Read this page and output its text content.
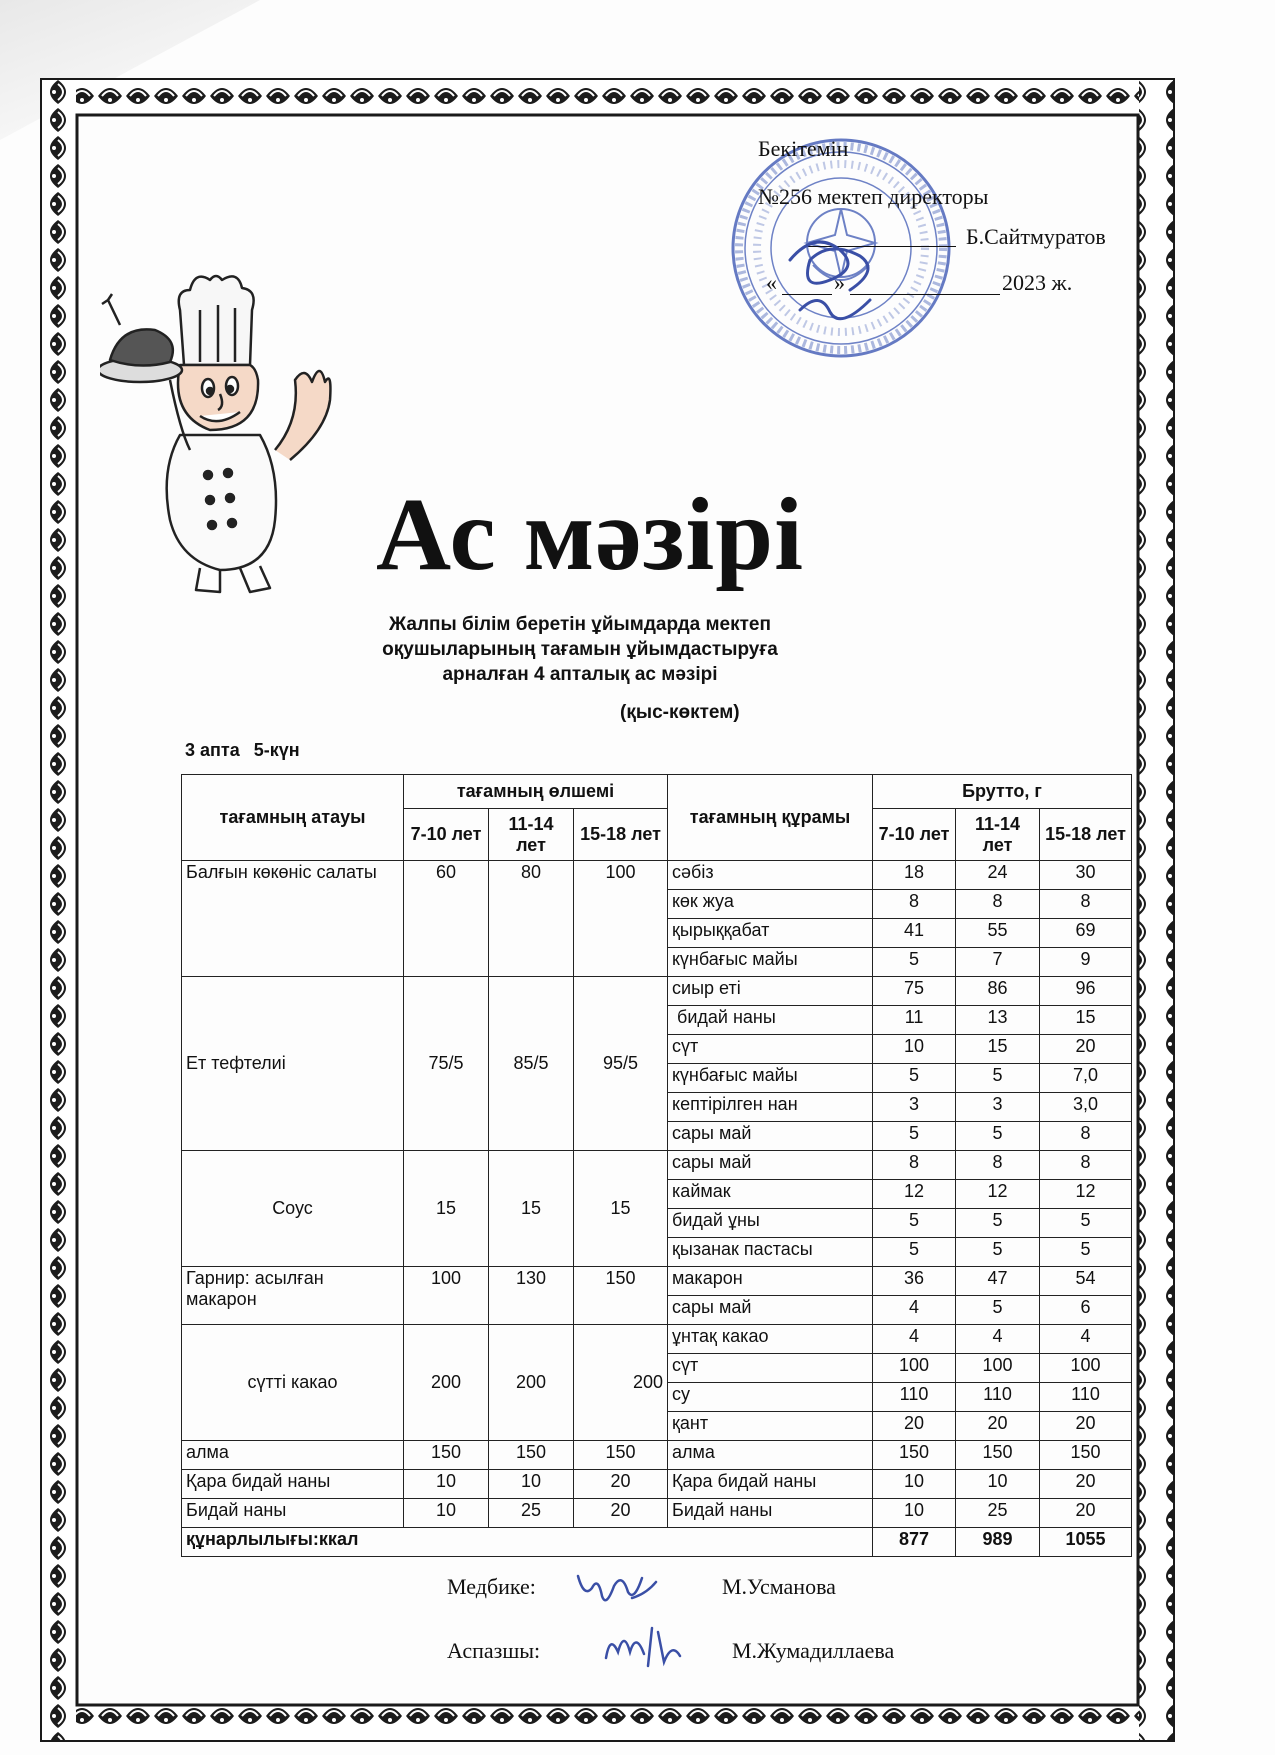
Бекітемін
№256 мектеп директоры
Б.Сайтмуратов
«	»	2023 ж.
Ас мәзірі
Жалпы білім беретін ұйымдарда мектеп
оқушыларының тағамын ұйымдастыруға
арналған 4 апталық ас мәзірі
(қыс-көктем)
3 апта 5-күн
тағамның атауы	тағамның өлшемі			тағамның құрамы	Брутто, г		
	7-10 лет	11-14 лет	15-18 лет		7-10 лет	11-14 лет	15-18 лет
Балғын көкөніс салаты	60	80	100	сәбіз	18	24	30
				көк жуа	8	8	8
				қырыққабат	41	55	69
				күнбағыс майы	5	7	9
Ет тефтелиі	75/5	85/5	95/5	сиыр еті	75	86	96
				бидай наны	11	13	15
				сүт	10	15	20
				күнбағыс майы	5	5	7,0
				кептірілген нан	3	3	3,0
				сары май	5	5	8
Соус	15	15	15	сары май	8	8	8
				каймак	12	12	12
				бидай ұны	5	5	5
				қызанак пастасы	5	5	5
Гарнир: асылған макарон	100	130	150	макарон	36	47	54
				сары май	4	5	6
сүтті какао	200	200	200	ұнтақ какао	4	4	4
				сүт	100	100	100
				су	110	110	110
				қант	20	20	20
алма	150	150	150	алма	150	150	150
Қара бидай наны	10	10	20	Қара бидай наны	10	10	20
Бидай наны	10	25	20	Бидай наны	10	25	20
құнарлылығы:ккал					877	989	1055
Медбике:	М.Усманова
Аспазшы:	М.Жумадиллаева
